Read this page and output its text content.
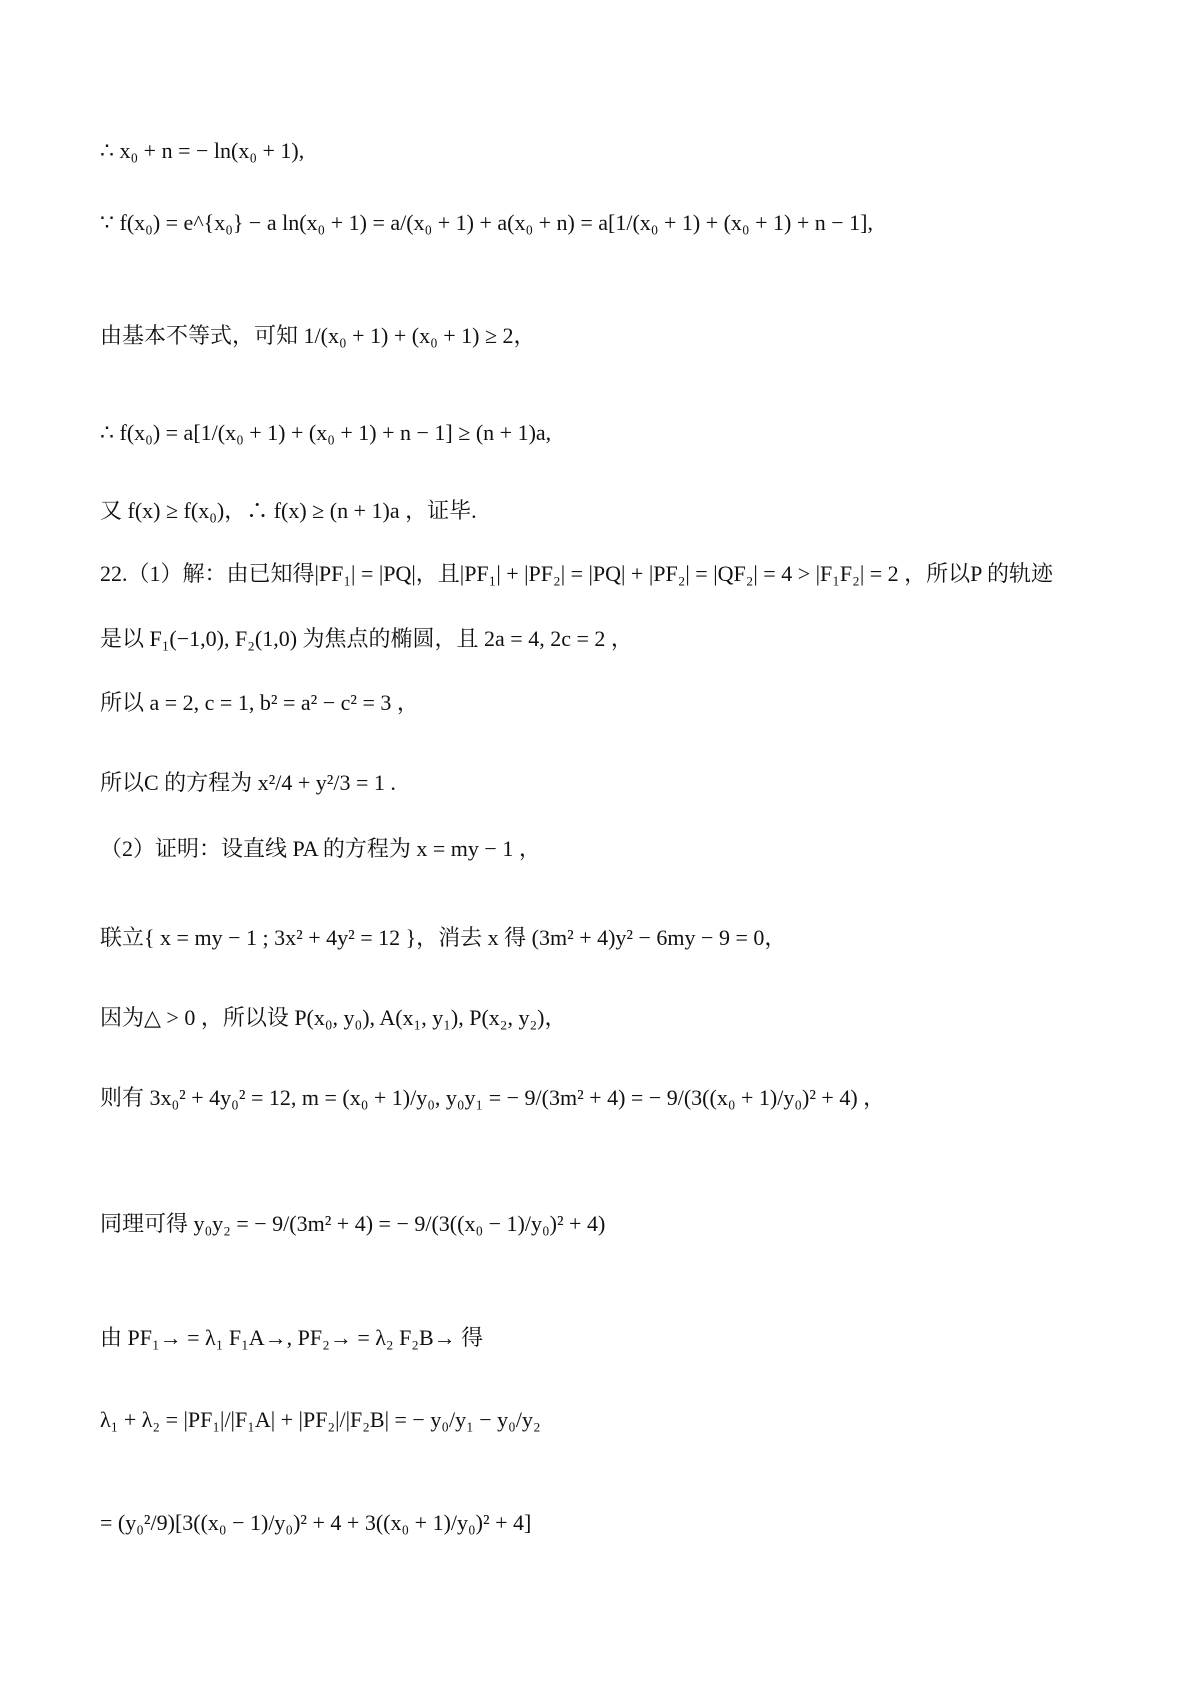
∴ x₀ + n = − ln(x₀ + 1),
∵ f(x₀) = e^{x₀} − a ln(x₀ + 1) = a/(x₀ + 1) + a(x₀ + n) = a[1/(x₀ + 1) + (x₀ + 1) + n − 1],
由基本不等式，可知 1/(x₀ + 1) + (x₀ + 1) ≥ 2，
∴ f(x₀) = a[1/(x₀ + 1) + (x₀ + 1) + n − 1] ≥ (n + 1)a,
又 f(x) ≥ f(x₀)，∴ f(x) ≥ (n + 1)a ，证毕.
22.（1）解：由已知得|PF₁| = |PQ|，且|PF₁| + |PF₂| = |PQ| + |PF₂| = |QF₂| = 4 > |F₁F₂| = 2 ，所以P 的轨迹
是以 F₁(−1,0), F₂(1,0) 为焦点的椭圆，且 2a = 4, 2c = 2 ，
所以 a = 2, c = 1, b² = a² − c² = 3 ，
所以C 的方程为 x²/4 + y²/3 = 1 .
（2）证明：设直线 PA 的方程为 x = my − 1 ，
联立{ x = my − 1 ; 3x² + 4y² = 12 }，消去 x 得 (3m² + 4)y² − 6my − 9 = 0，
因为△ > 0 ，所以设 P(x₀, y₀), A(x₁, y₁), P(x₂, y₂)，
则有 3x₀² + 4y₀² = 12, m = (x₀ + 1)/y₀, y₀y₁ = − 9/(3m² + 4) = − 9/(3((x₀ + 1)/y₀)² + 4) ，
同理可得 y₀y₂ = − 9/(3m² + 4) = − 9/(3((x₀ − 1)/y₀)² + 4)
由 PF₁→ = λ₁ F₁A→, PF₂→ = λ₂ F₂B→ 得
λ₁ + λ₂ = |PF₁|/|F₁A| + |PF₂|/|F₂B| = − y₀/y₁ − y₀/y₂
= (y₀²/9)[3((x₀ − 1)/y₀)² + 4 + 3((x₀ + 1)/y₀)² + 4]
